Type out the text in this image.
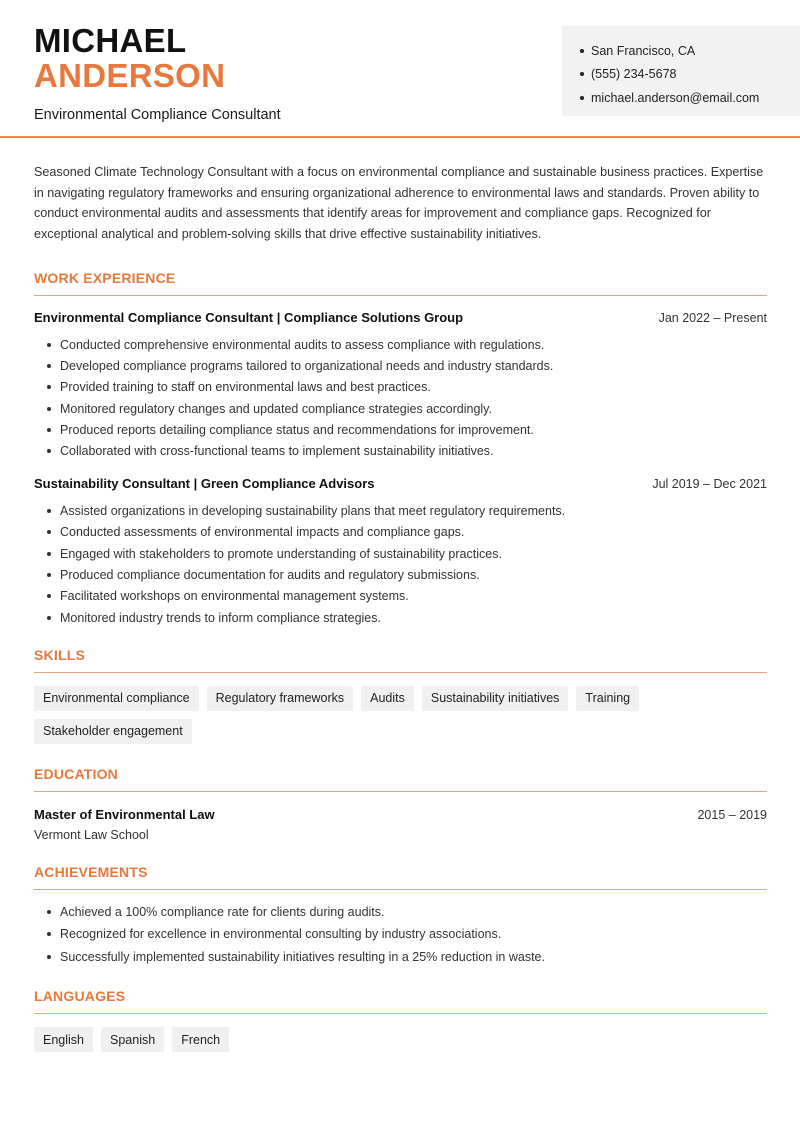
MICHAEL
ANDERSON
Environmental Compliance Consultant
San Francisco, CA
(555) 234-5678
michael.anderson@email.com

Seasoned Climate Technology Consultant with a focus on environmental compliance and sustainable business practices. Expertise in navigating regulatory frameworks and ensuring organizational adherence to environmental laws and standards. Proven ability to conduct environmental audits and assessments that identify areas for improvement and compliance gaps. Recognized for exceptional analytical and problem-solving skills that drive effective sustainability initiatives.

WORK EXPERIENCE
Environmental Compliance Consultant | Compliance Solutions Group	Jan 2022 – Present
Conducted comprehensive environmental audits to assess compliance with regulations.
Developed compliance programs tailored to organizational needs and industry standards.
Provided training to staff on environmental laws and best practices.
Monitored regulatory changes and updated compliance strategies accordingly.
Produced reports detailing compliance status and recommendations for improvement.
Collaborated with cross-functional teams to implement sustainability initiatives.
Sustainability Consultant | Green Compliance Advisors	Jul 2019 – Dec 2021
Assisted organizations in developing sustainability plans that meet regulatory requirements.
Conducted assessments of environmental impacts and compliance gaps.
Engaged with stakeholders to promote understanding of sustainability practices.
Produced compliance documentation for audits and regulatory submissions.
Facilitated workshops on environmental management systems.
Monitored industry trends to inform compliance strategies.
SKILLS
Environmental compliance	Regulatory frameworks	Audits	Sustainability initiatives	Training
Stakeholder engagement
EDUCATION
Master of Environmental Law	2015 – 2019
Vermont Law School
ACHIEVEMENTS
Achieved a 100% compliance rate for clients during audits.
Recognized for excellence in environmental consulting by industry associations.
Successfully implemented sustainability initiatives resulting in a 25% reduction in waste.
LANGUAGES
English	Spanish	French
